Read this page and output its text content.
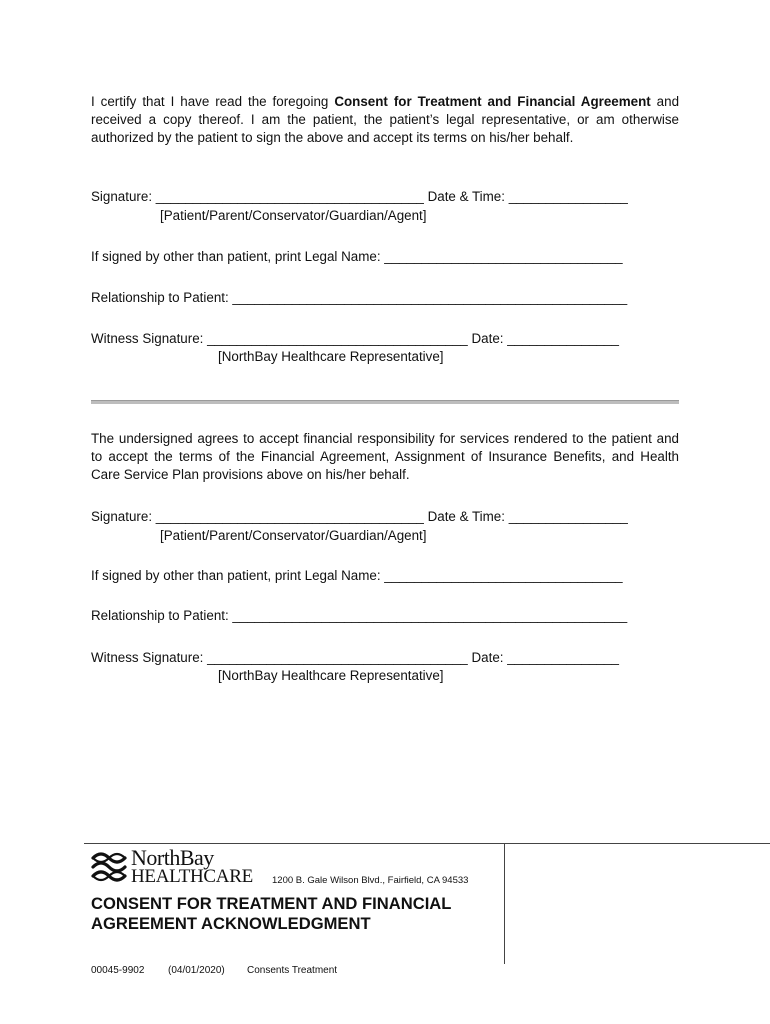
I certify that I have read the foregoing Consent for Treatment and Financial Agreement and received a copy thereof. I am the patient, the patient’s legal representative, or am otherwise authorized by the patient to sign the above and accept its terms on his/her behalf.

Signature: ____________________________________ Date & Time: ________________
[Patient/Parent/Conservator/Guardian/Agent]
If signed by other than patient, print Legal Name: ________________________________
Relationship to Patient: _____________________________________________________
Witness Signature: ___________________________________ Date: _______________
[NorthBay Healthcare Representative]

The undersigned agrees to accept financial responsibility for services rendered to the patient and to accept the terms of the Financial Agreement, Assignment of Insurance Benefits, and Health Care Service Plan provisions above on his/her behalf.

Signature: ____________________________________ Date & Time: ________________
[Patient/Parent/Conservator/Guardian/Agent]
If signed by other than patient, print Legal Name: ________________________________
Relationship to Patient: _____________________________________________________
Witness Signature: ___________________________________ Date: _______________
[NorthBay Healthcare Representative]
NorthBay
HEALTHCARE 1200 B. Gale Wilson Blvd., Fairfield, CA 94533
CONSENT FOR TREATMENT AND FINANCIAL AGREEMENT ACKNOWLEDGMENT
00045-9902 (04/01/2020) Consents Treatment
